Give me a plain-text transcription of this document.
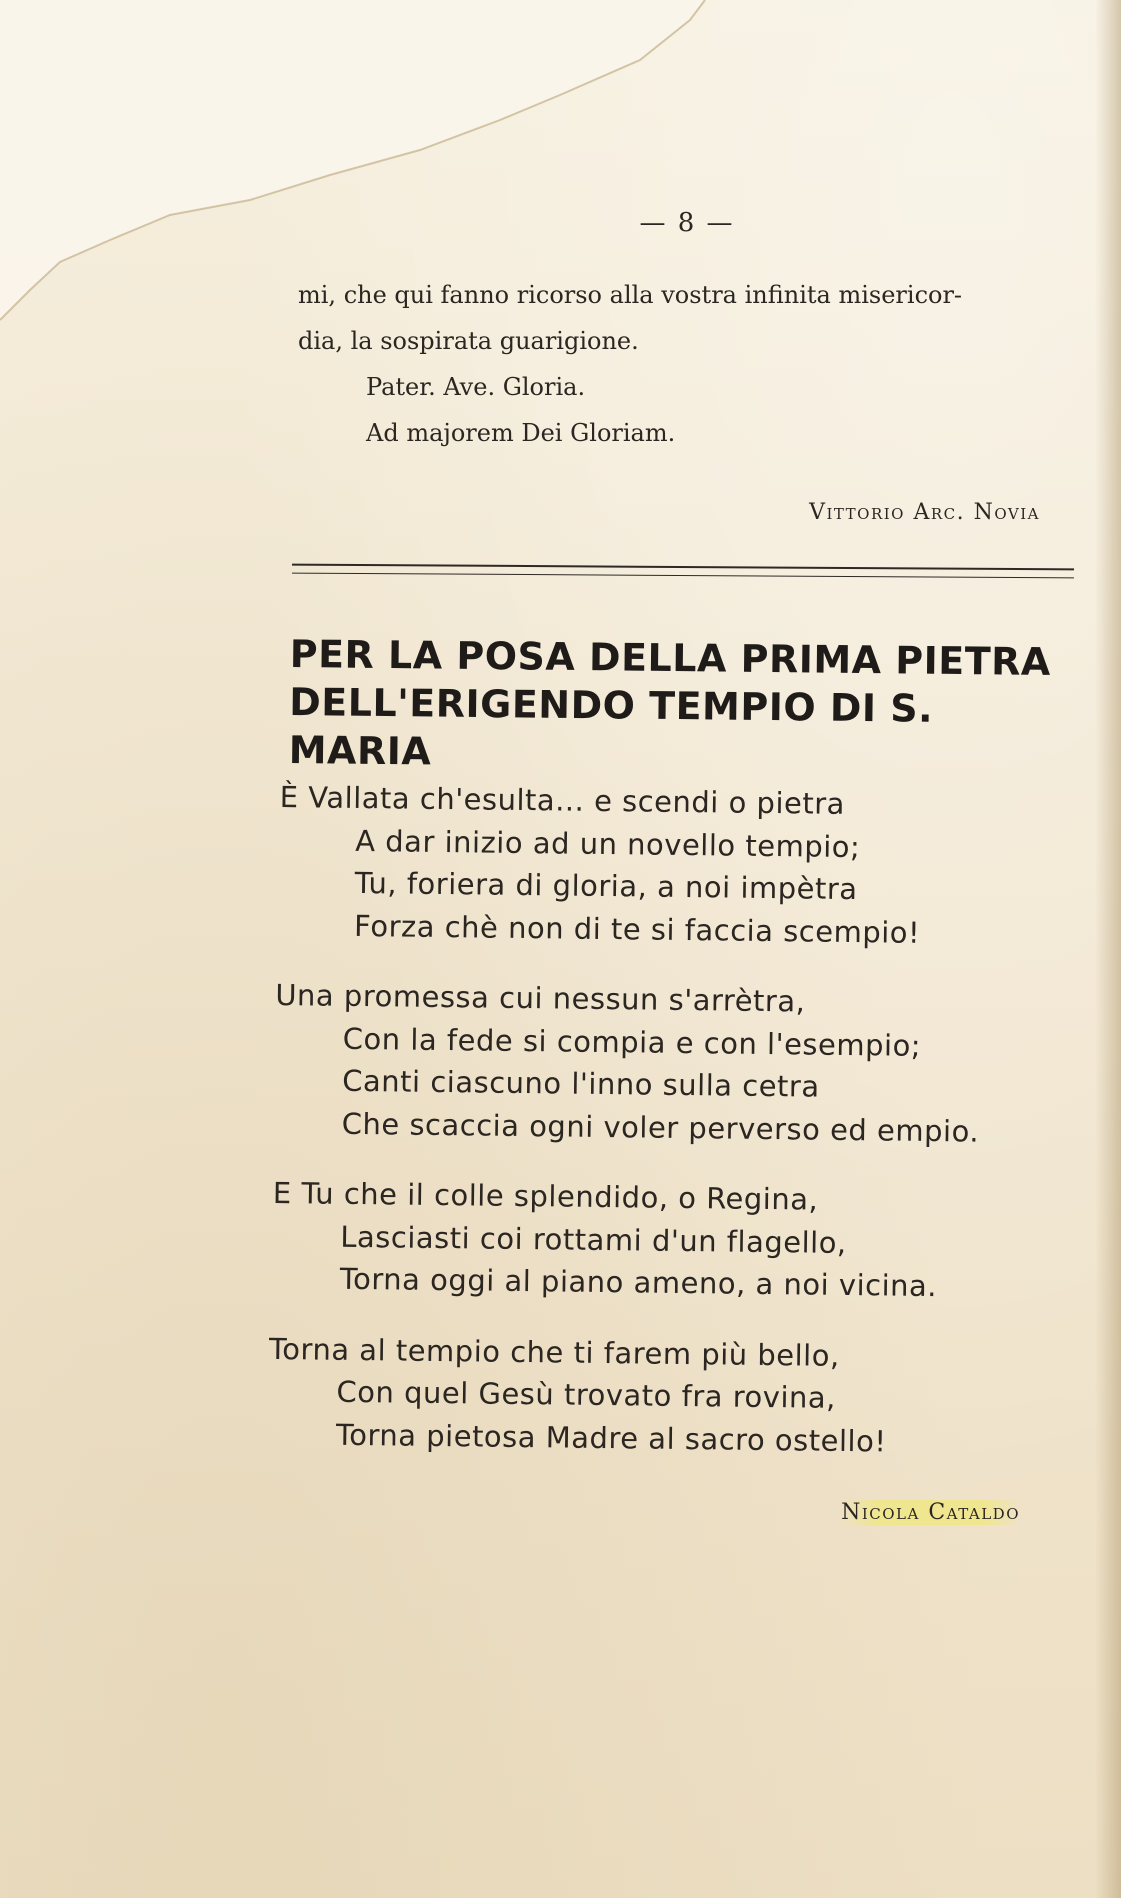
— 8 —

mi, che qui fanno ricorso alla vostra infinita misericor-

dia, la sospirata guarigione.

Pater. Ave. Gloria.

Ad majorem Dei Gloriam.

Vittorio Arc. Novia
PER LA POSA DELLA PRIMA PIETRA
DELL'ERIGENDO TEMPIO DI S. MARIA
È Vallata ch'esulta... e scendi o pietra
A dar inizio ad un novello tempio;
Tu, foriera di gloria, a noi impètra
Forza chè non di te si faccia scempio!
Una promessa cui nessun s'arrètra,
Con la fede si compia e con l'esempio;
Canti ciascuno l'inno sulla cetra
Che scaccia ogni voler perverso ed empio.
E Tu che il colle splendido, o Regina,
Lasciasti coi rottami d'un flagello,
Torna oggi al piano ameno, a noi vicina.
Torna al tempio che ti farem più bello,
Con quel Gesù trovato fra rovina,
Torna pietosa Madre al sacro ostello!
Nicola Cataldo
